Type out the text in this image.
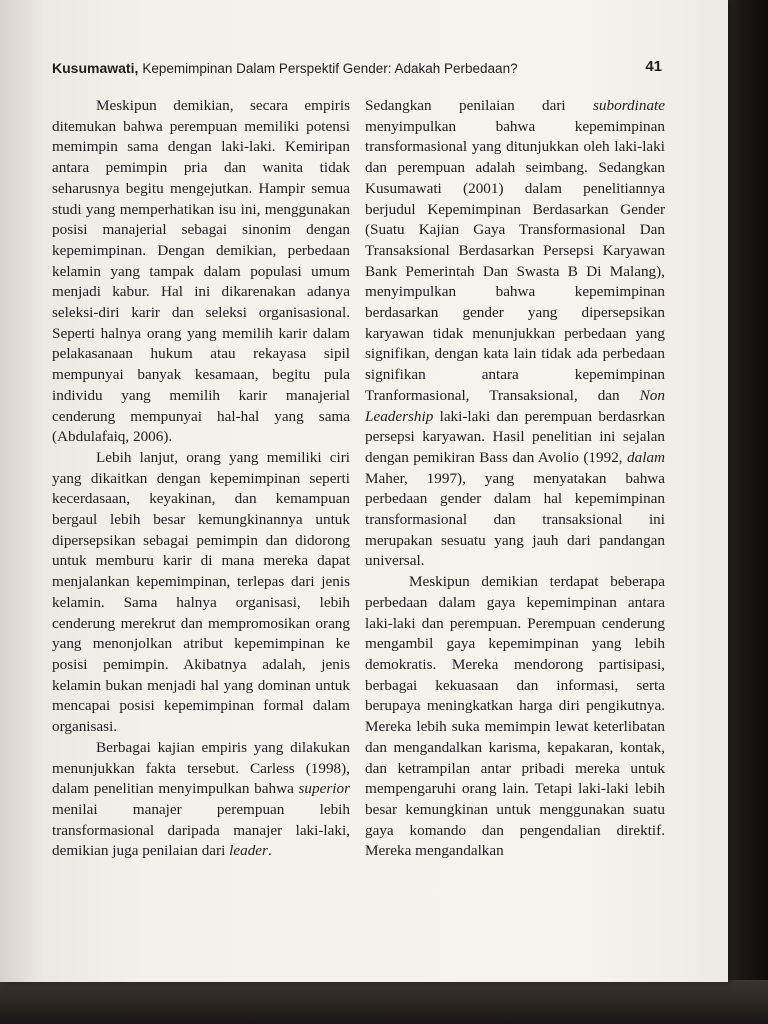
Kusumawati, Kepemimpinan Dalam Perspektif Gender: Adakah Perbedaan?	41

Meskipun demikian, secara empiris ditemukan bahwa perempuan memiliki potensi memimpin sama dengan laki-laki. Kemiripan antara pemimpin pria dan wanita tidak seharusnya begitu mengejutkan. Hampir semua studi yang memperhatikan isu ini, menggunakan posisi manajerial sebagai sinonim dengan kepemimpinan. Dengan demikian, perbedaan kelamin yang tampak dalam populasi umum menjadi kabur. Hal ini dikarenakan adanya seleksi-diri karir dan seleksi organisasional. Seperti halnya orang yang memilih karir dalam pelakasanaan hukum atau rekayasa sipil mempunyai banyak kesamaan, begitu pula individu yang memilih karir manajerial cenderung mempunyai hal-hal yang sama (Abdulafaiq, 2006).

Lebih lanjut, orang yang memiliki ciri yang dikaitkan dengan kepemimpinan seperti kecerdasaan, keyakinan, dan kemampuan bergaul lebih besar kemungkinannya untuk dipersepsikan sebagai pemimpin dan didorong untuk memburu karir di mana mereka dapat menjalankan kepemimpinan, terlepas dari jenis kelamin. Sama halnya organisasi, lebih cenderung merekrut dan mempromosikan orang yang menonjolkan atribut kepemimpinan ke posisi pemimpin. Akibatnya adalah, jenis kelamin bukan menjadi hal yang dominan untuk mencapai posisi kepemimpinan formal dalam organisasi.

Berbagai kajian empiris yang dilakukan menunjukkan fakta tersebut. Carless (1998), dalam penelitian menyimpulkan bahwa superior menilai manajer perempuan lebih transformasional daripada manajer laki-laki, demikian juga penilaian dari leader.

Sedangkan penilaian dari subordinate menyimpulkan bahwa kepemimpinan transformasional yang ditunjukkan oleh laki-laki dan perempuan adalah seimbang. Sedangkan Kusumawati (2001) dalam penelitiannya berjudul Kepemimpinan Berdasarkan Gender (Suatu Kajian Gaya Transformasional Dan Transaksional Berdasarkan Persepsi Karyawan Bank Pemerintah Dan Swasta B Di Malang), menyimpulkan bahwa kepemimpinan berdasarkan gender yang dipersepsikan karyawan tidak menunjukkan perbedaan yang signifikan, dengan kata lain tidak ada perbedaan signifikan antara kepemimpinan Tranformasional, Transaksional, dan Non Leadership laki-laki dan perempuan berdasrkan persepsi karyawan. Hasil penelitian ini sejalan dengan pemikiran Bass dan Avolio (1992, dalam Maher, 1997), yang menyatakan bahwa perbedaan gender dalam hal kepemimpinan transformasional dan transaksional ini merupakan sesuatu yang jauh dari pandangan universal.

Meskipun demikian terdapat beberapa perbedaan dalam gaya kepemimpinan antara laki-laki dan perempuan. Perempuan cenderung mengambil gaya kepemimpinan yang lebih demokratis. Mereka mendorong partisipasi, berbagai kekuasaan dan informasi, serta berupaya meningkatkan harga diri pengikutnya. Mereka lebih suka memimpin lewat keterlibatan dan mengandalkan karisma, kepakaran, kontak, dan ketrampilan antar pribadi mereka untuk mempengaruhi orang lain. Tetapi laki-laki lebih besar kemungkinan untuk menggunakan suatu gaya komando dan pengendalian direktif. Mereka mengandalkan
